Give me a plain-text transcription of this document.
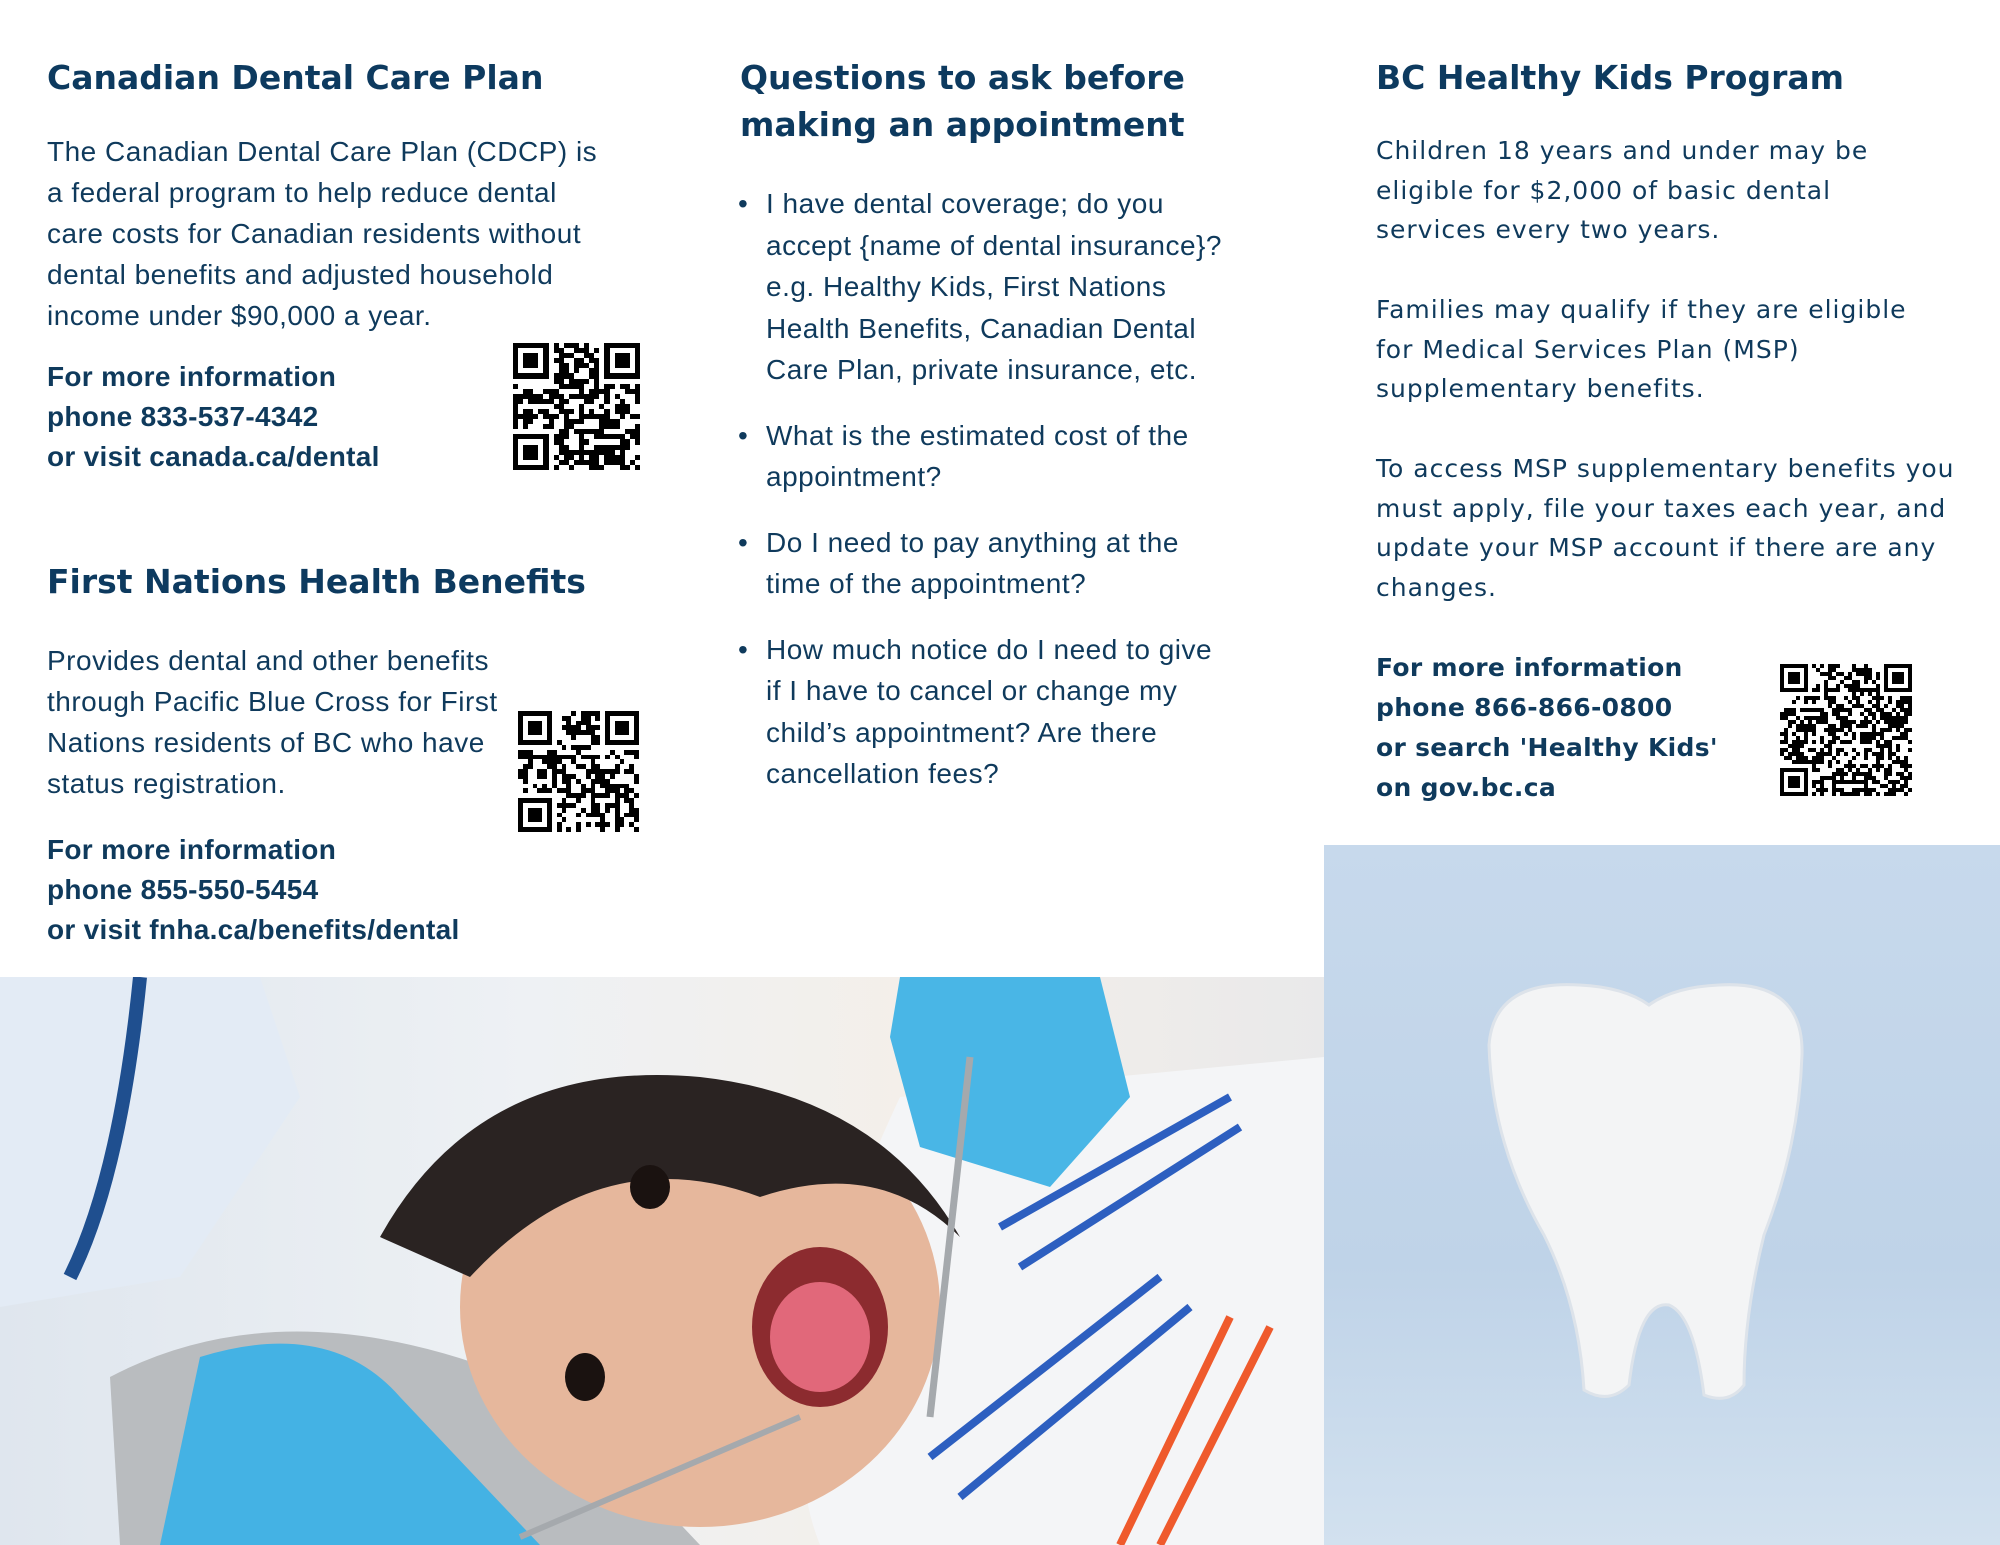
Canadian Dental Care Plan
The Canadian Dental Care Plan (CDCP) is a federal program to help reduce dental care costs for Canadian residents without dental benefits and adjusted household income under $90,000 a year.
For more information
phone 833-537-4342
or visit canada.ca/dental
First Nations Health Benefits
Provides dental and other benefits through Pacific Blue Cross for First Nations residents of BC who have status registration.
For more information
phone 855-550-5454
or visit fnha.ca/benefits/dental
Questions to ask before making an appointment
• I have dental coverage; do you accept {name of dental insurance}? e.g. Healthy Kids, First Nations Health Benefits, Canadian Dental Care Plan, private insurance, etc.
• What is the estimated cost of the appointment?
• Do I need to pay anything at the time of the appointment?
• How much notice do I need to give if I have to cancel or change my child’s appointment? Are there cancellation fees?
BC Healthy Kids Program
Children 18 years and under may be eligible for $2,000 of basic dental services every two years.
Families may qualify if they are eligible for Medical Services Plan (MSP) supplementary benefits.
To access MSP supplementary benefits you must apply, file your taxes each year, and update your MSP account if there are any changes.
For more information
phone 866-866-0800
or search 'Healthy Kids'
on gov.bc.ca
